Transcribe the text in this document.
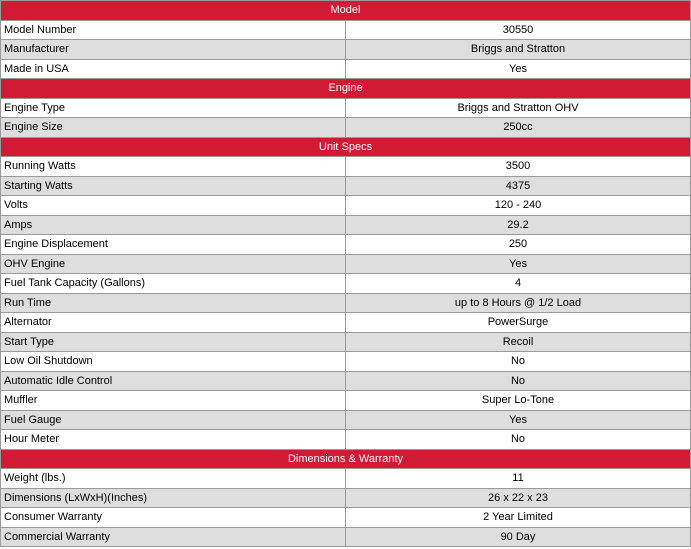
Model	
Model Number	30550
Manufacturer	Briggs and Stratton
Made in USA	Yes
Engine	
Engine Type	Briggs and Stratton OHV
Engine Size	250cc
Unit Specs	
Running Watts	3500
Starting Watts	4375
Volts	120 - 240
Amps	29.2
Engine Displacement	250
OHV Engine	Yes
Fuel Tank Capacity (Gallons)	4
Run Time	up to 8 Hours @ 1/2 Load
Alternator	PowerSurge
Start Type	Recoil
Low Oil Shutdown	No
Automatic Idle Control	No
Muffler	Super Lo-Tone
Fuel Gauge	Yes
Hour Meter	No
Dimensions & Warranty	
Weight (lbs.)	11
Dimensions (LxWxH)(Inches)	26 x 22 x 23
Consumer Warranty	2 Year Limited
Commercial Warranty	90 Day
